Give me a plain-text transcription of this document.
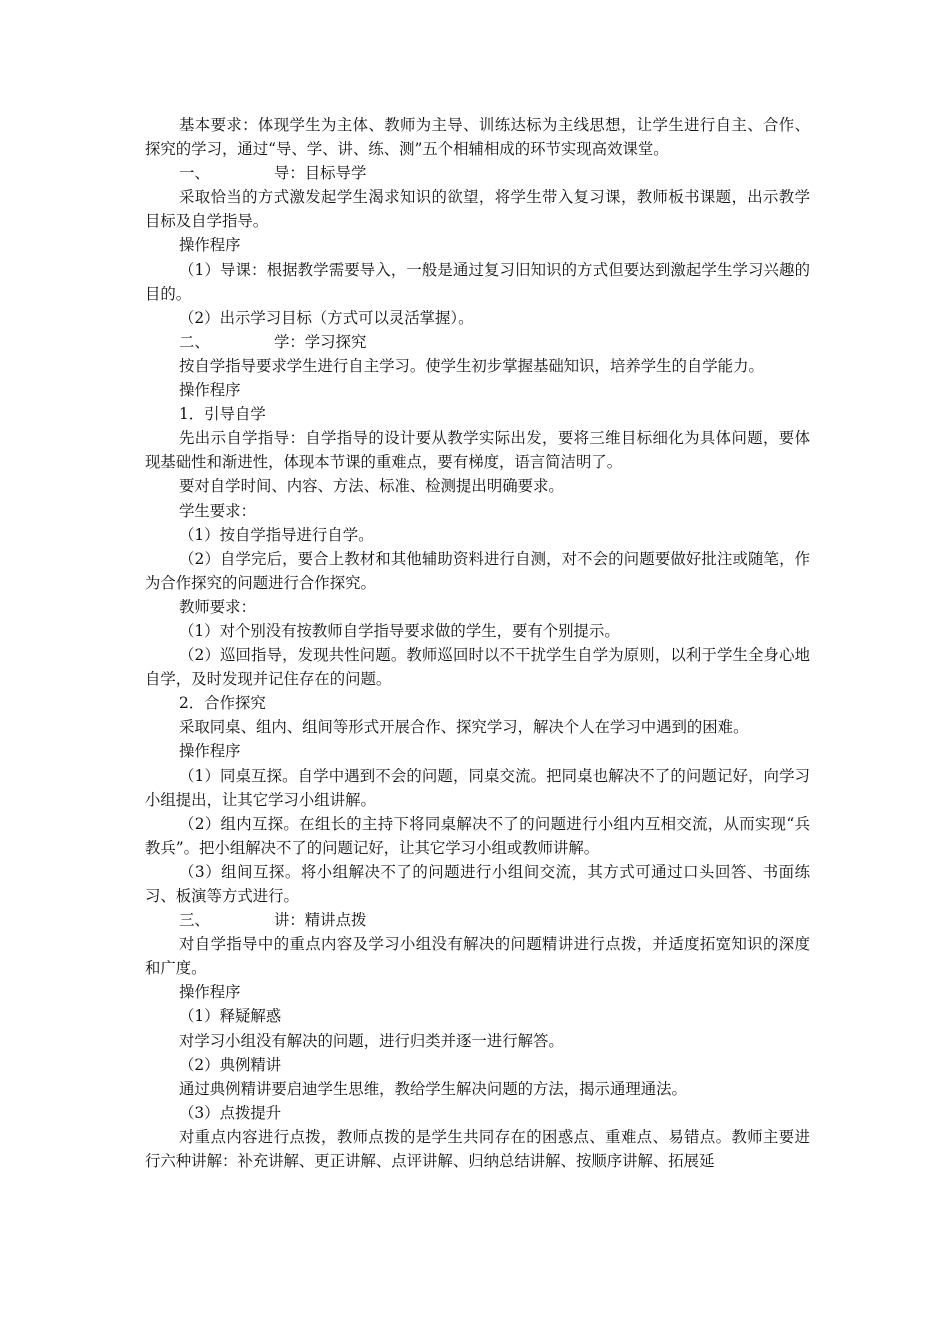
基本要求：体现学生为主体、教师为主导、训练达标为主线思想，让学生进行自主、合作、探究的学习，通过“导、学、讲、练、测”五个相辅相成的环节实现高效课堂。
一、	导：目标导学
采取恰当的方式激发起学生渴求知识的欲望，将学生带入复习课，教师板书课题，出示教学目标及自学指导。
操作程序
（1）导课：根据教学需要导入，一般是通过复习旧知识的方式但要达到激起学生学习兴趣的目的。
（2）出示学习目标（方式可以灵活掌握）。
二、	学：学习探究
按自学指导要求学生进行自主学习。使学生初步掌握基础知识，培养学生的自学能力。
操作程序
1．引导自学
先出示自学指导：自学指导的设计要从教学实际出发，要将三维目标细化为具体问题，要体现基础性和渐进性，体现本节课的重难点，要有梯度，语言简洁明了。
要对自学时间、内容、方法、标准、检测提出明确要求。
学生要求：
（1）按自学指导进行自学。
（2）自学完后，要合上教材和其他辅助资料进行自测，对不会的问题要做好批注或随笔，作为合作探究的问题进行合作探究。
教师要求：
（1）对个别没有按教师自学指导要求做的学生，要有个别提示。
（2）巡回指导，发现共性问题。教师巡回时以不干扰学生自学为原则，以利于学生全身心地自学，及时发现并记住存在的问题。
2．合作探究
采取同桌、组内、组间等形式开展合作、探究学习，解决个人在学习中遇到的困难。
操作程序
（1）同桌互探。自学中遇到不会的问题，同桌交流。把同桌也解决不了的问题记好，向学习小组提出，让其它学习小组讲解。
（2）组内互探。在组长的主持下将同桌解决不了的问题进行小组内互相交流，从而实现“兵教兵”。把小组解决不了的问题记好，让其它学习小组或教师讲解。
（3）组间互探。将小组解决不了的问题进行小组间交流，其方式可通过口头回答、书面练习、板演等方式进行。
三、	讲：精讲点拨
对自学指导中的重点内容及学习小组没有解决的问题精讲进行点拨，并适度拓宽知识的深度和广度。
操作程序
（1）释疑解惑
对学习小组没有解决的问题，进行归类并逐一进行解答。
（2）典例精讲
通过典例精讲要启迪学生思维，教给学生解决问题的方法，揭示通理通法。
（3）点拨提升
对重点内容进行点拨，教师点拨的是学生共同存在的困惑点、重难点、易错点。教师主要进行六种讲解：补充讲解、更正讲解、点评讲解、归纳总结讲解、按顺序讲解、拓展延
